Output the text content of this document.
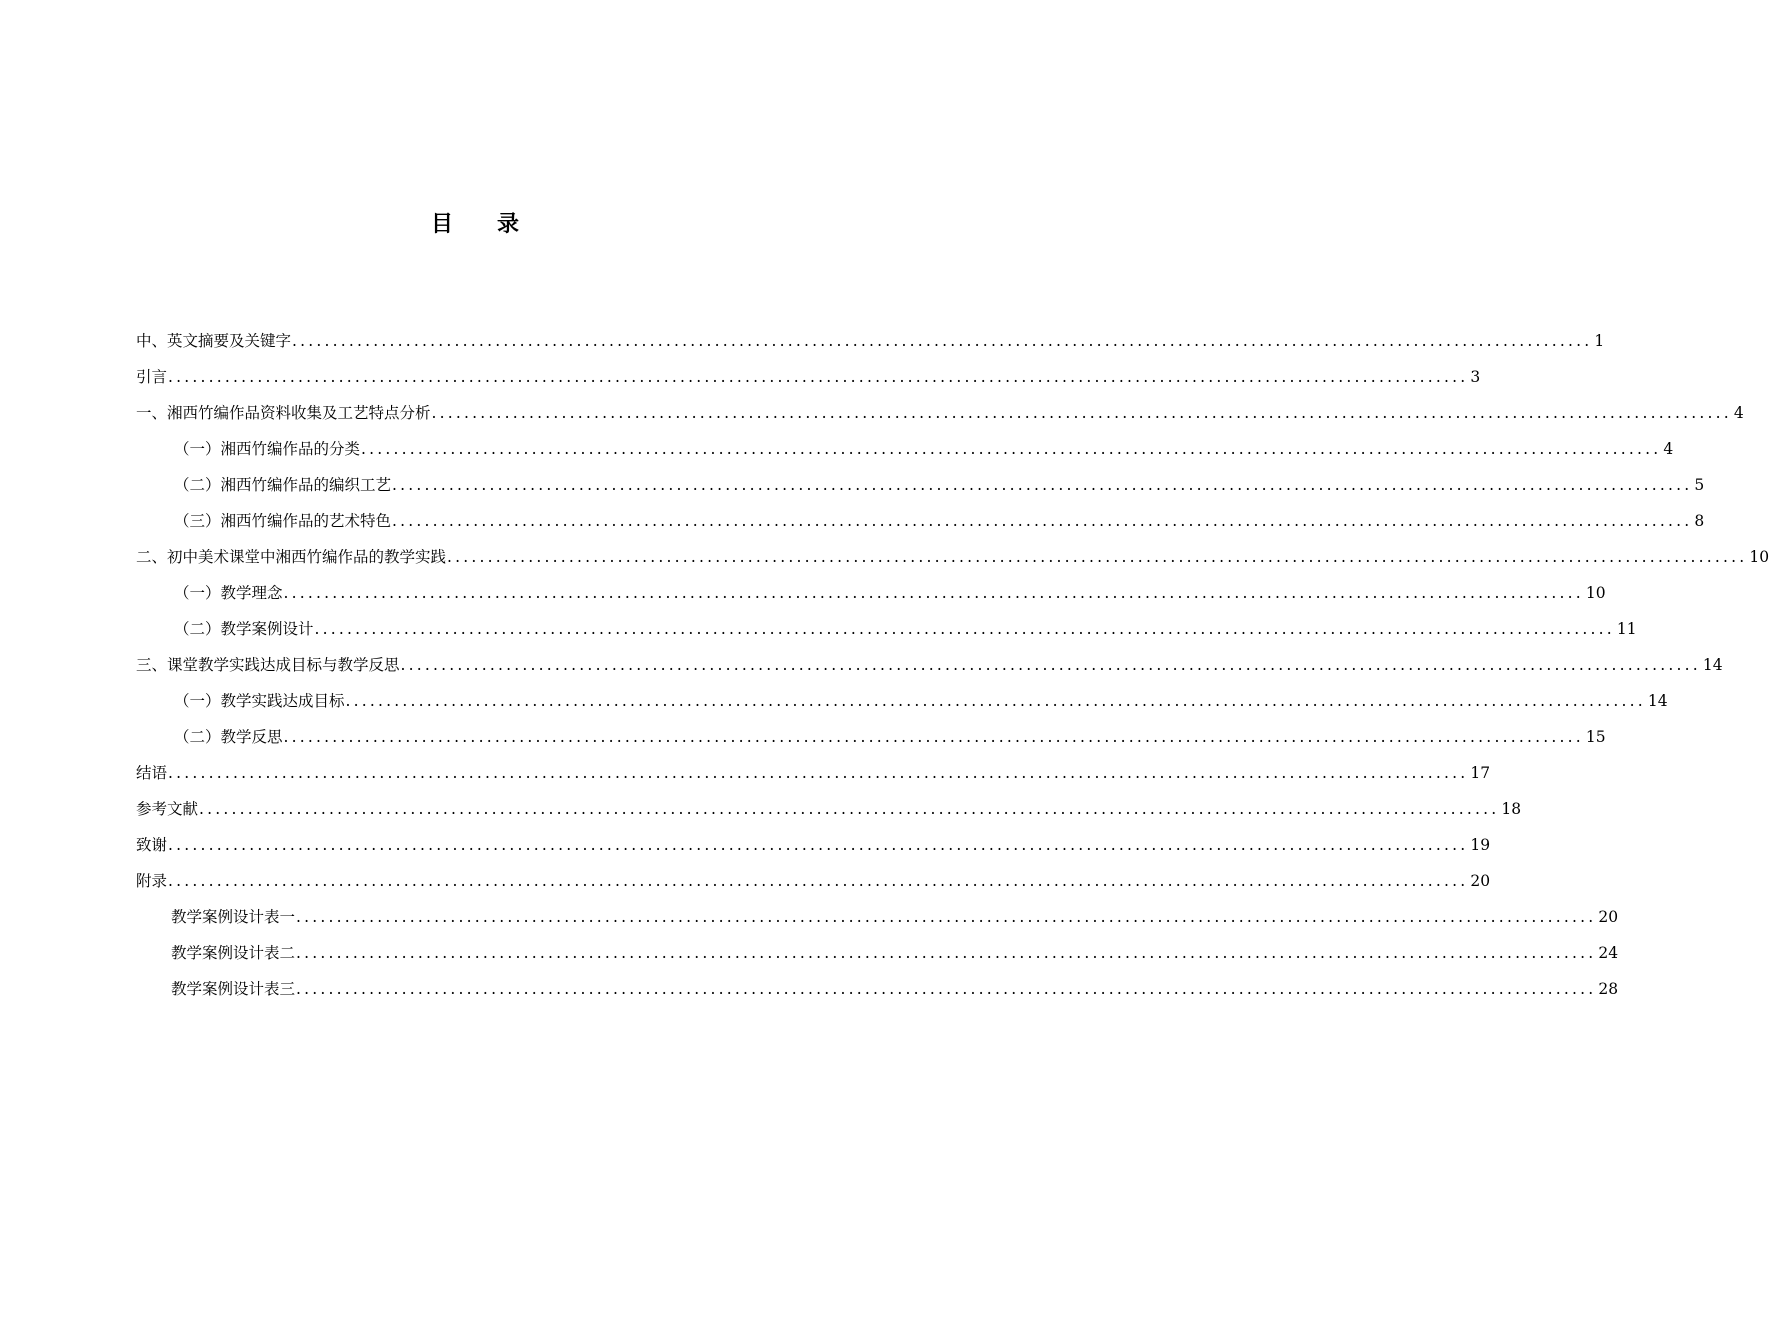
目 录
中、英文摘要及关键字 ................................................................................................................................................................ 1
引言 ................................................................................................................................................................ 3
一、湘西竹编作品资料收集及工艺特点分析 ................................................................................................................................................................ 4
（一）湘西竹编作品的分类 ................................................................................................................................................................ 4
（二）湘西竹编作品的编织工艺 ................................................................................................................................................................ 5
（三）湘西竹编作品的艺术特色 ................................................................................................................................................................ 8
二、初中美术课堂中湘西竹编作品的教学实践 ................................................................................................................................................................ 10
（一）教学理念 ................................................................................................................................................................ 10
（二）教学案例设计 ................................................................................................................................................................ 11
三、课堂教学实践达成目标与教学反思 ................................................................................................................................................................ 14
（一）教学实践达成目标 ................................................................................................................................................................ 14
（二）教学反思 ................................................................................................................................................................ 15
结语 ................................................................................................................................................................ 17
参考文献 ................................................................................................................................................................ 18
致谢 ................................................................................................................................................................ 19
附录 ................................................................................................................................................................ 20
教学案例设计表一 ................................................................................................................................................................ 20
教学案例设计表二 ................................................................................................................................................................ 24
教学案例设计表三 ................................................................................................................................................................ 28
